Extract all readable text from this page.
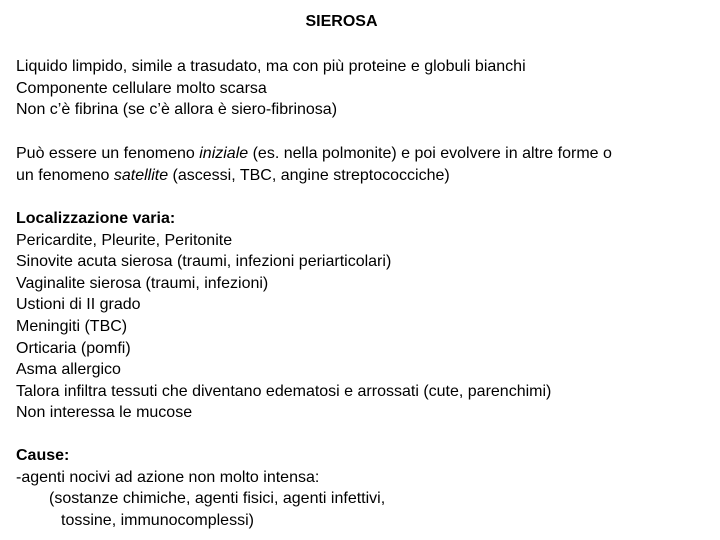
SIEROSA
Liquido limpido, simile a trasudato, ma con più proteine e globuli bianchi
Componente cellulare molto scarsa
Non c’è fibrina (se c’è allora è siero-fibrinosa)
Può essere un fenomeno iniziale (es. nella polmonite) e poi evolvere in altre forme o
un fenomeno satellite (ascessi, TBC, angine streptococciche)
Localizzazione varia:
Pericardite, Pleurite, Peritonite
Sinovite acuta sierosa (traumi, infezioni periarticolari)
Vaginalite sierosa (traumi, infezioni)
Ustioni di II grado
Meningiti (TBC)
Orticaria (pomfi)
Asma allergico
Talora infiltra tessuti che diventano edematosi e arrossati (cute, parenchimi)
Non interessa le mucose
Cause:
-agenti nocivi ad azione non molto intensa:
(sostanze chimiche, agenti fisici, agenti infettivi,
tossine, immunocomplessi)
